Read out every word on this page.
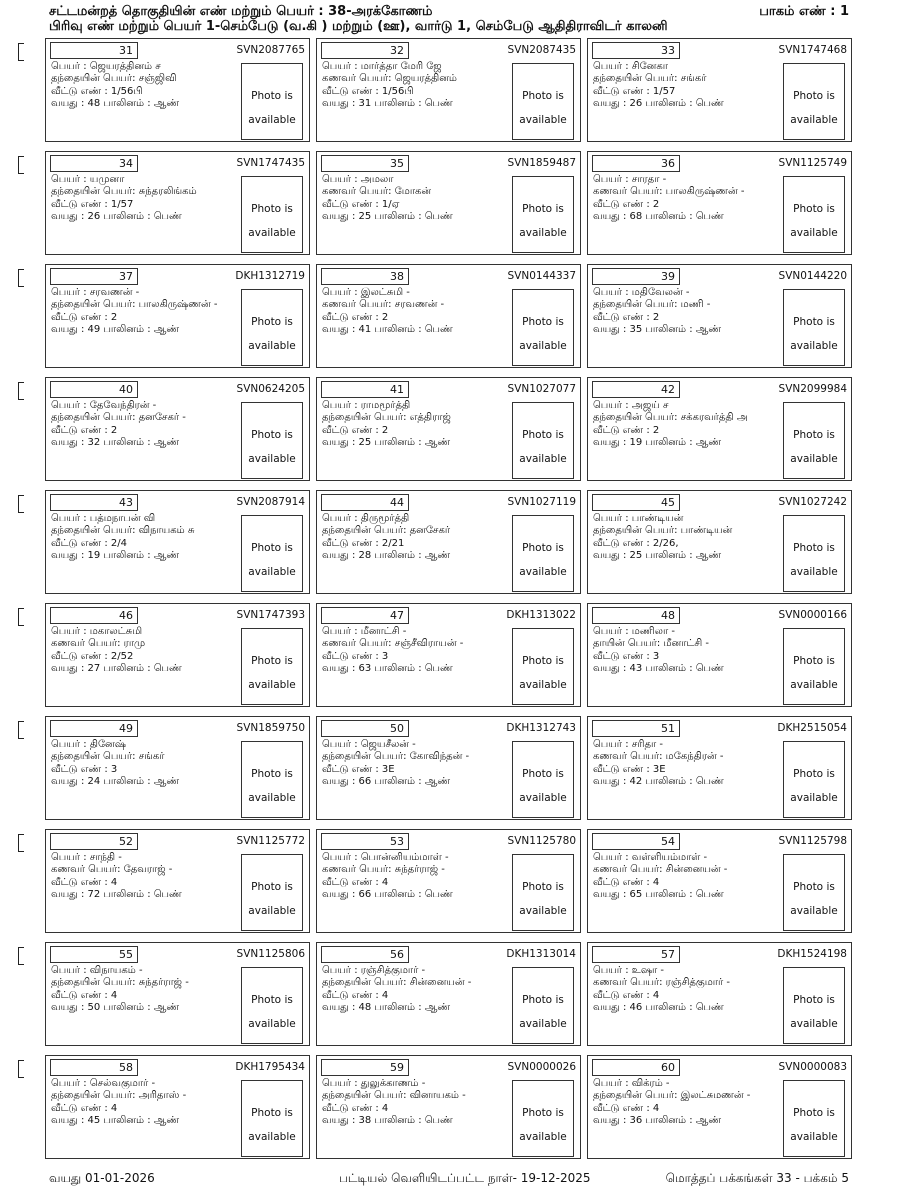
சட்டமன்றத் தொகுதியின் எண் மற்றும் பெயர் : 38-அரக்கோணம்
பிரிவு எண் மற்றும் பெயர் 1-செம்பேடு (வ.கி ) மற்றும் (ஊ), வார்டு 1, செம்பேடு ஆதிதிராவிடர் காலனி
பாகம் எண் : 1
31	SVN2087765
பெயர் : ஜெயரத்தினம் ச
தந்தையின் பெயர்: சஞ்ஜிவி
வீட்டு எண் : 1/56பி
வயது : 48 பாலினம் : ஆண்
Photo is
available
32	SVN2087435
பெயர் : மார்த்தா மேரி ஜே
கணவர் பெயர்: ஜெயரத்தினம்
வீட்டு எண் : 1/56பி
வயது : 31 பாலினம் : பெண்
Photo is
available
33	SVN1747468
பெயர் : சினேகா
தந்தையின் பெயர்: சங்கர்
வீட்டு எண் : 1/57
வயது : 26 பாலினம் : பெண்
Photo is
available
34	SVN1747435
பெயர் : யமுனா
தந்தையின் பெயர்: சுந்தரலிங்கம்
வீட்டு எண் : 1/57
வயது : 26 பாலினம் : பெண்
Photo is
available
35	SVN1859487
பெயர் : அமலா
கணவர் பெயர்: மோகன்
வீட்டு எண் : 1/ஏ
வயது : 25 பாலினம் : பெண்
Photo is
available
36	SVN1125749
பெயர் : சாரதா -
கணவர் பெயர்: பாலகிருஷ்ணன் -
வீட்டு எண் : 2
வயது : 68 பாலினம் : பெண்
Photo is
available
37	DKH1312719
பெயர் : சரவணன் -
தந்தையின் பெயர்: பாலகிருஷ்ணன் -
வீட்டு எண் : 2
வயது : 49 பாலினம் : ஆண்
Photo is
available
38	SVN0144337
பெயர் : இலட்சுமி -
கணவர் பெயர்: சரவணன் -
வீட்டு எண் : 2
வயது : 41 பாலினம் : பெண்
Photo is
available
39	SVN0144220
பெயர் : மதிவேலன் -
தந்தையின் பெயர்: மணி -
வீட்டு எண் : 2
வயது : 35 பாலினம் : ஆண்
Photo is
available
40	SVN0624205
பெயர் : தேவேந்திரன் -
தந்தையின் பெயர்: தனசேகர் -
வீட்டு எண் : 2
வயது : 32 பாலினம் : ஆண்
Photo is
available
41	SVN1027077
பெயர் : ராமமூர்த்தி
தந்தையின் பெயர்: எத்திராஜ்
வீட்டு எண் : 2
வயது : 25 பாலினம் : ஆண்
Photo is
available
42	SVN2099984
பெயர் : அஜய் ச
தந்தையின் பெயர்: சக்கரவர்த்தி அ
வீட்டு எண் : 2
வயது : 19 பாலினம் : ஆண்
Photo is
available
43	SVN2087914
பெயர் : பத்மநாபன் வி
தந்தையின் பெயர்: விநாயகம் சு
வீட்டு எண் : 2/4
வயது : 19 பாலினம் : ஆண்
Photo is
available
44	SVN1027119
பெயர் : திருமூர்த்தி
தந்தையின் பெயர்: தனசேகர்
வீட்டு எண் : 2/21
வயது : 28 பாலினம் : ஆண்
Photo is
available
45	SVN1027242
பெயர் : பாண்டியன்
தந்தையின் பெயர்: பாண்டியன்
வீட்டு எண் : 2/26,
வயது : 25 பாலினம் : ஆண்
Photo is
available
46	SVN1747393
பெயர் : மகாலட்சுமி
கணவர் பெயர்: ராமு
வீட்டு எண் : 2/52
வயது : 27 பாலினம் : பெண்
Photo is
available
47	DKH1313022
பெயர் : மீனாட்சி -
கணவர் பெயர்: சஞ்சீவிராயன் -
வீட்டு எண் : 3
வயது : 63 பாலினம் : பெண்
Photo is
available
48	SVN0000166
பெயர் : மணிலா -
தாயின் பெயர்: மீனாட்சி -
வீட்டு எண் : 3
வயது : 43 பாலினம் : பெண்
Photo is
available
49	SVN1859750
பெயர் : தினேஷ்
தந்தையின் பெயர்: சங்கர்
வீட்டு எண் : 3
வயது : 24 பாலினம் : ஆண்
Photo is
available
50	DKH1312743
பெயர் : ஜெயசீலன் -
தந்தையின் பெயர்: கோவிந்தன் -
வீட்டு எண் : 3E
வயது : 66 பாலினம் : ஆண்
Photo is
available
51	DKH2515054
பெயர் : சரிதா -
கணவர் பெயர்: மகேந்திரன் -
வீட்டு எண் : 3E
வயது : 42 பாலினம் : பெண்
Photo is
available
52	SVN1125772
பெயர் : சாந்தி -
கணவர் பெயர்: தேவராஜ் -
வீட்டு எண் : 4
வயது : 72 பாலினம் : பெண்
Photo is
available
53	SVN1125780
பெயர் : பொன்னியம்மாள் -
கணவர் பெயர்: சுந்தர்ராஜ் -
வீட்டு எண் : 4
வயது : 66 பாலினம் : பெண்
Photo is
available
54	SVN1125798
பெயர் : வள்ளியம்மாள் -
கணவர் பெயர்: சின்னையன் -
வீட்டு எண் : 4
வயது : 65 பாலினம் : பெண்
Photo is
available
55	SVN1125806
பெயர் : விநாயகம் -
தந்தையின் பெயர்: சுந்தர்ராஜ் -
வீட்டு எண் : 4
வயது : 50 பாலினம் : ஆண்
Photo is
available
56	DKH1313014
பெயர் : ரஞ்சித்குமார் -
தந்தையின் பெயர்: சின்னையன் -
வீட்டு எண் : 4
வயது : 48 பாலினம் : ஆண்
Photo is
available
57	DKH1524198
பெயர் : உஷா -
கணவர் பெயர்: ரஞ்சித்குமார் -
வீட்டு எண் : 4
வயது : 46 பாலினம் : பெண்
Photo is
available
58	DKH1795434
பெயர் : செல்வகுமார் -
தந்தையின் பெயர்: அரிதாஸ் -
வீட்டு எண் : 4
வயது : 45 பாலினம் : ஆண்
Photo is
available
59	SVN0000026
பெயர் : துலுக்காணம் -
தந்தையின் பெயர்: வினாயகம் -
வீட்டு எண் : 4
வயது : 38 பாலினம் : பெண்
Photo is
available
60	SVN0000083
பெயர் : விக்ரம் -
தந்தையின் பெயர்: இலட்சுமணன் -
வீட்டு எண் : 4
வயது : 36 பாலினம் : ஆண்
Photo is
available
வயது 01-01-2026	பட்டியல் வெளியிடப்பட்ட நாள்- 19-12-2025	மொத்தப் பக்கங்கள் 33 - பக்கம் 5
